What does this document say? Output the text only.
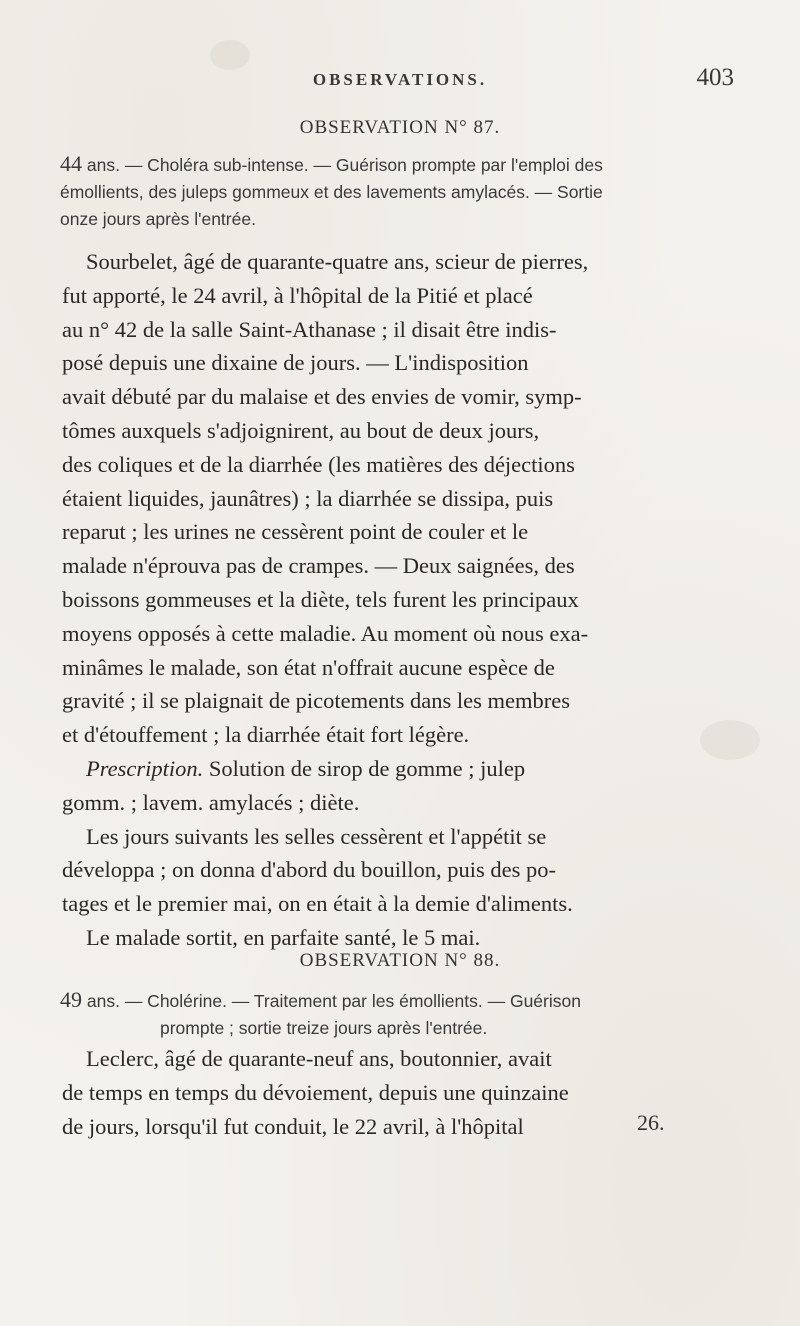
OBSERVATIONS.	403
OBSERVATION N° 87.
44 ans. — Choléra sub-intense. — Guérison prompte par l'emploi des
émollients, des juleps gommeux et des lavements amylacés. — Sortie
onze jours après l'entrée.
Sourbelet, âgé de quarante-quatre ans, scieur de pierres,
fut apporté, le 24 avril, à l'hôpital de la Pitié et placé
au n° 42 de la salle Saint-Athanase ; il disait être indis-
posé depuis une dixaine de jours. — L'indisposition
avait débuté par du malaise et des envies de vomir, symp-
tômes auxquels s'adjoignirent, au bout de deux jours,
des coliques et de la diarrhée (les matières des déjections
étaient liquides, jaunâtres) ; la diarrhée se dissipa, puis
reparut ; les urines ne cessèrent point de couler et le
malade n'éprouva pas de crampes. — Deux saignées, des
boissons gommeuses et la diète, tels furent les principaux
moyens opposés à cette maladie. Au moment où nous exa-
minâmes le malade, son état n'offrait aucune espèce de
gravité ; il se plaignait de picotements dans les membres
et d'étouffement ; la diarrhée était fort légère.
Prescription. Solution de sirop de gomme ; julep
gomm. ; lavem. amylacés ; diète.
Les jours suivants les selles cessèrent et l'appétit se
développa ; on donna d'abord du bouillon, puis des po-
tages et le premier mai, on en était à la demie d'aliments.
Le malade sortit, en parfaite santé, le 5 mai.
OBSERVATION N° 88.
49 ans. — Cholérine. — Traitement par les émollients. — Guérison
prompte ; sortie treize jours après l'entrée.
Leclerc, âgé de quarante-neuf ans, boutonnier, avait
de temps en temps du dévoiement, depuis une quinzaine
de jours, lorsqu'il fut conduit, le 22 avril, à l'hôpital	26.
